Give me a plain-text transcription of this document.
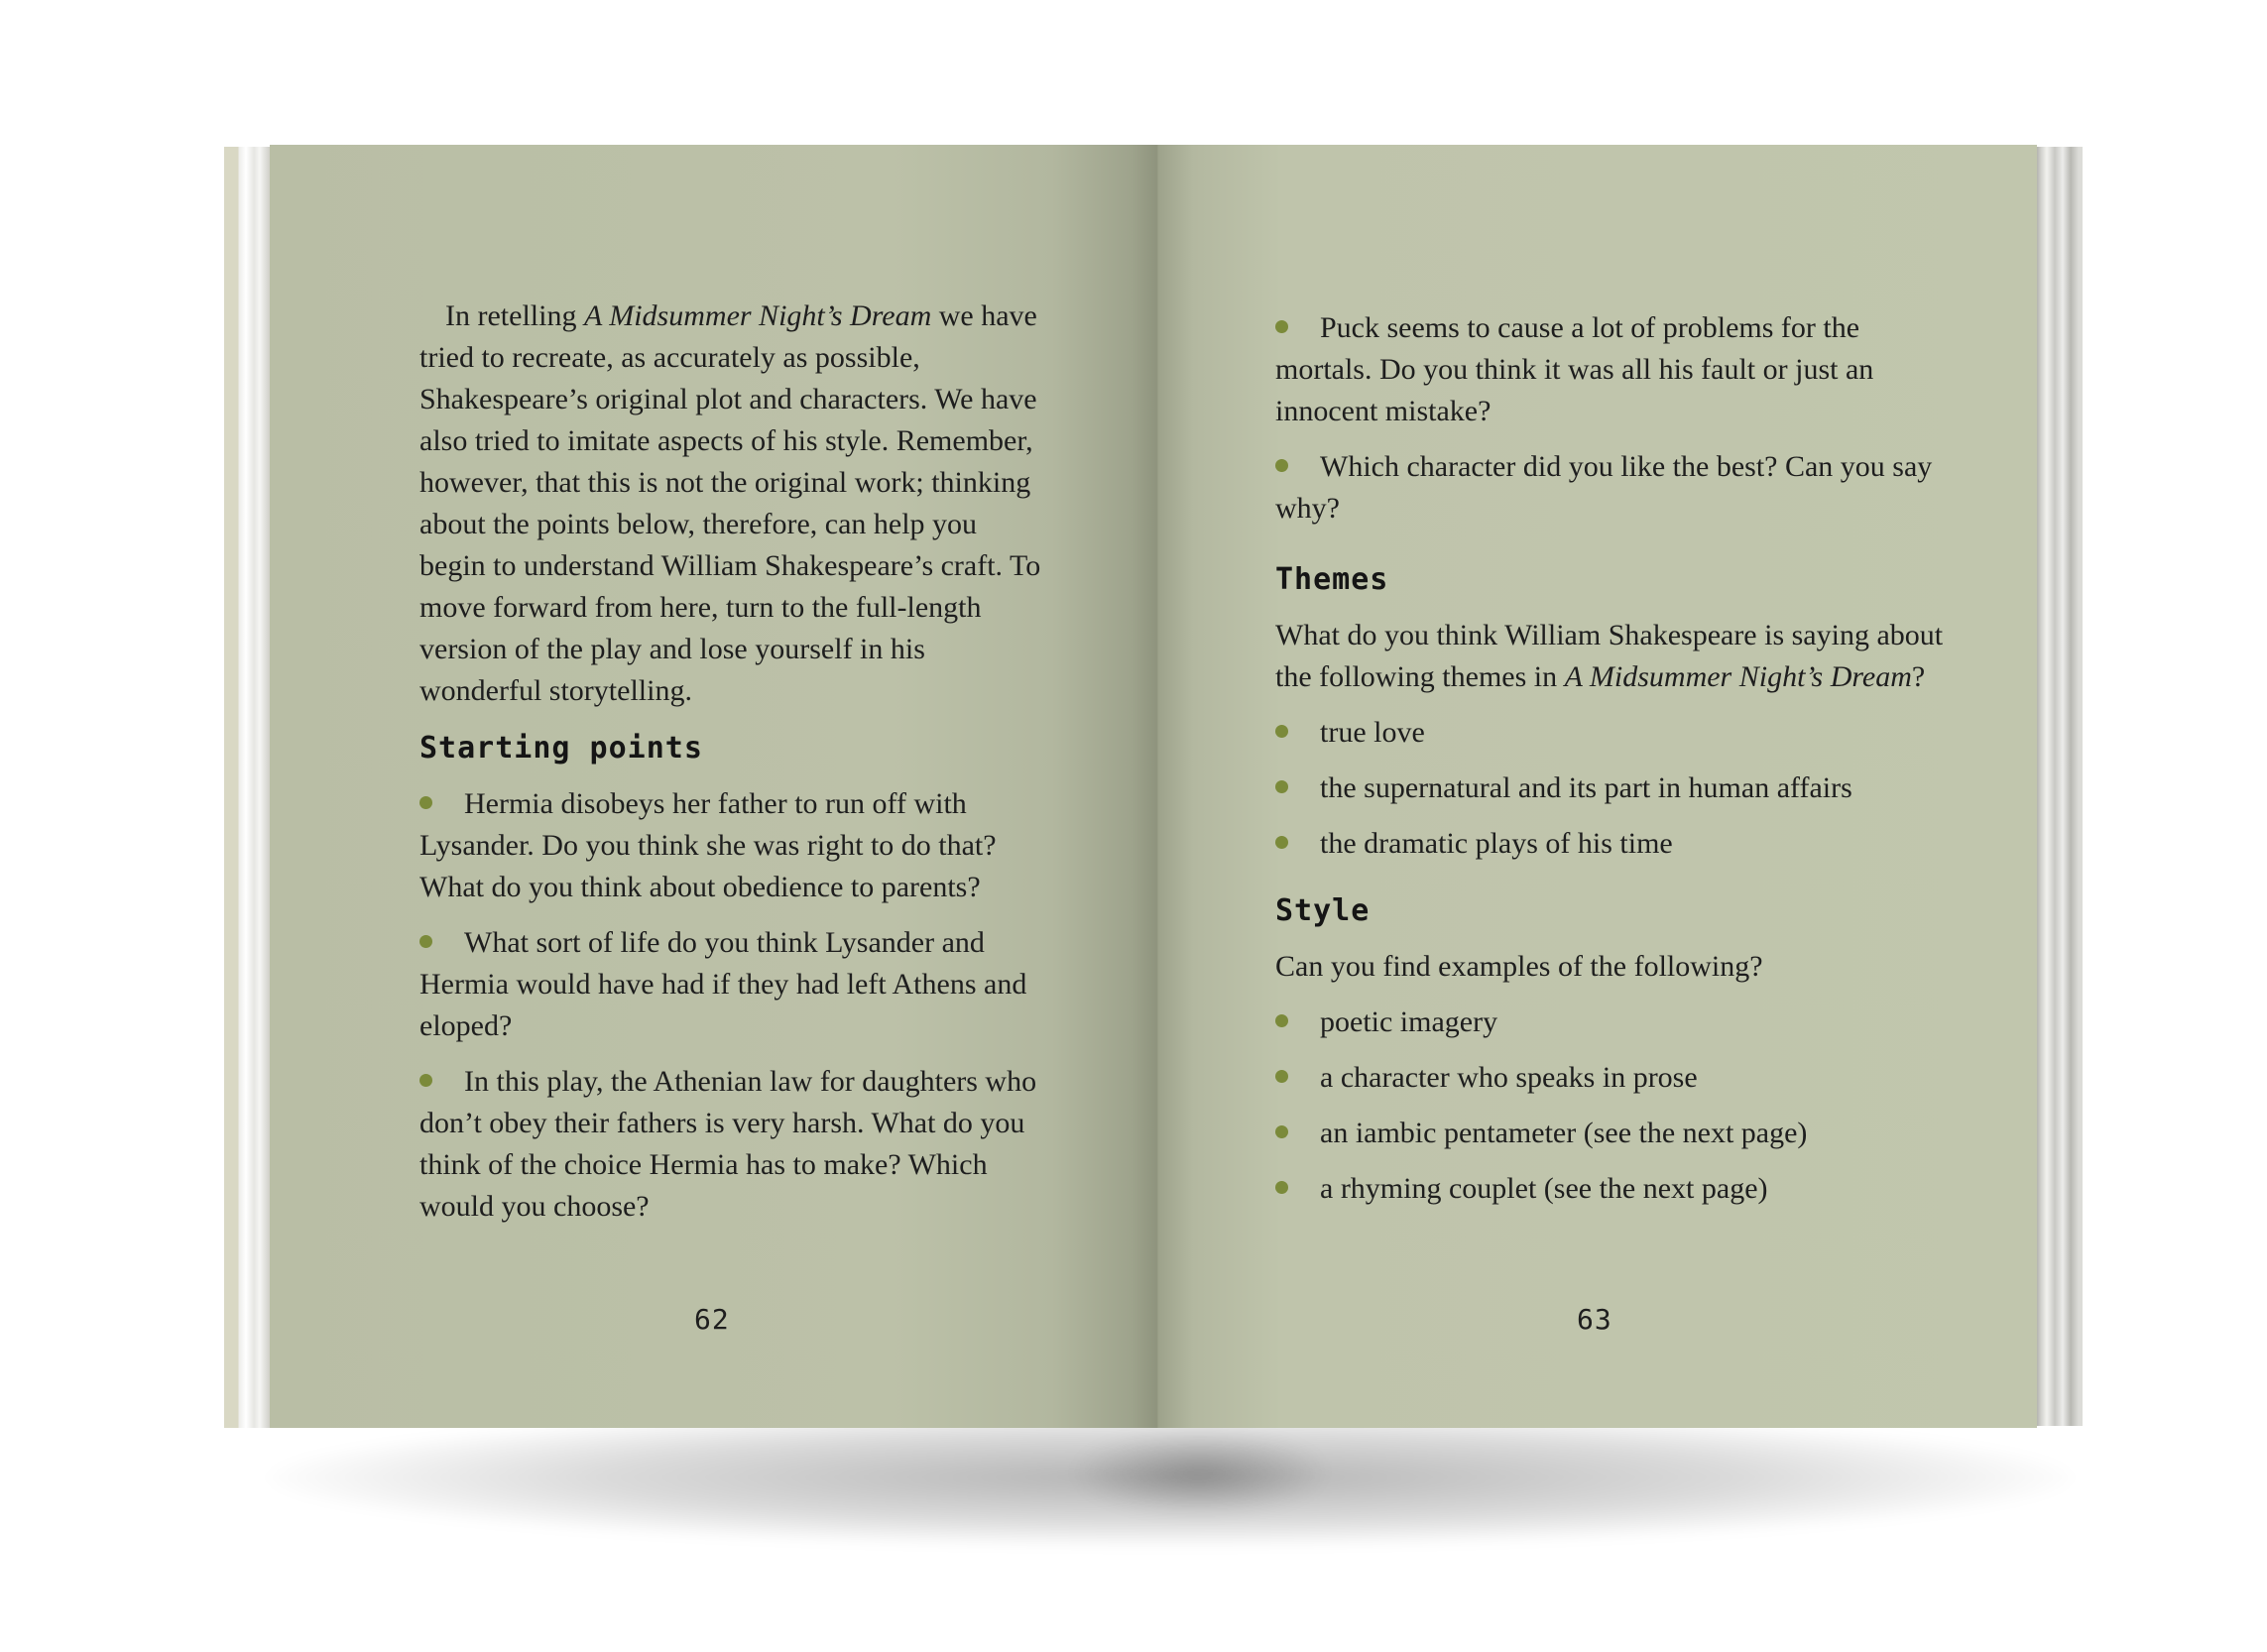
In retelling A Midsummer Night’s Dream we have tried to recreate, as accurately as possible, Shakespeare’s original plot and characters. We have also tried to imitate aspects of his style. Remember, however, that this is not the original work; thinking about the points below, therefore, can help you begin to understand William Shakespeare’s craft. To move forward from here, turn to the full-length version of the play and lose yourself in his wonderful storytelling.

Starting points

Hermia disobeys her father to run off with Lysander. Do you think she was right to do that? What do you think about obedience to parents?

What sort of life do you think Lysander and Hermia would have had if they had left Athens and eloped?

In this play, the Athenian law for daughters who don’t obey their fathers is very harsh. What do you think of the choice Hermia has to make? Which would you choose?

62

Puck seems to cause a lot of problems for the mortals. Do you think it was all his fault or just an innocent mistake?

Which character did you like the best? Can you say why?

Themes

What do you think William Shakespeare is saying about the following themes in A Midsummer Night’s Dream?

true love

the supernatural and its part in human affairs

the dramatic plays of his time

Style

Can you find examples of the following?

poetic imagery

a character who speaks in prose

an iambic pentameter (see the next page)

a rhyming couplet (see the next page)

63
